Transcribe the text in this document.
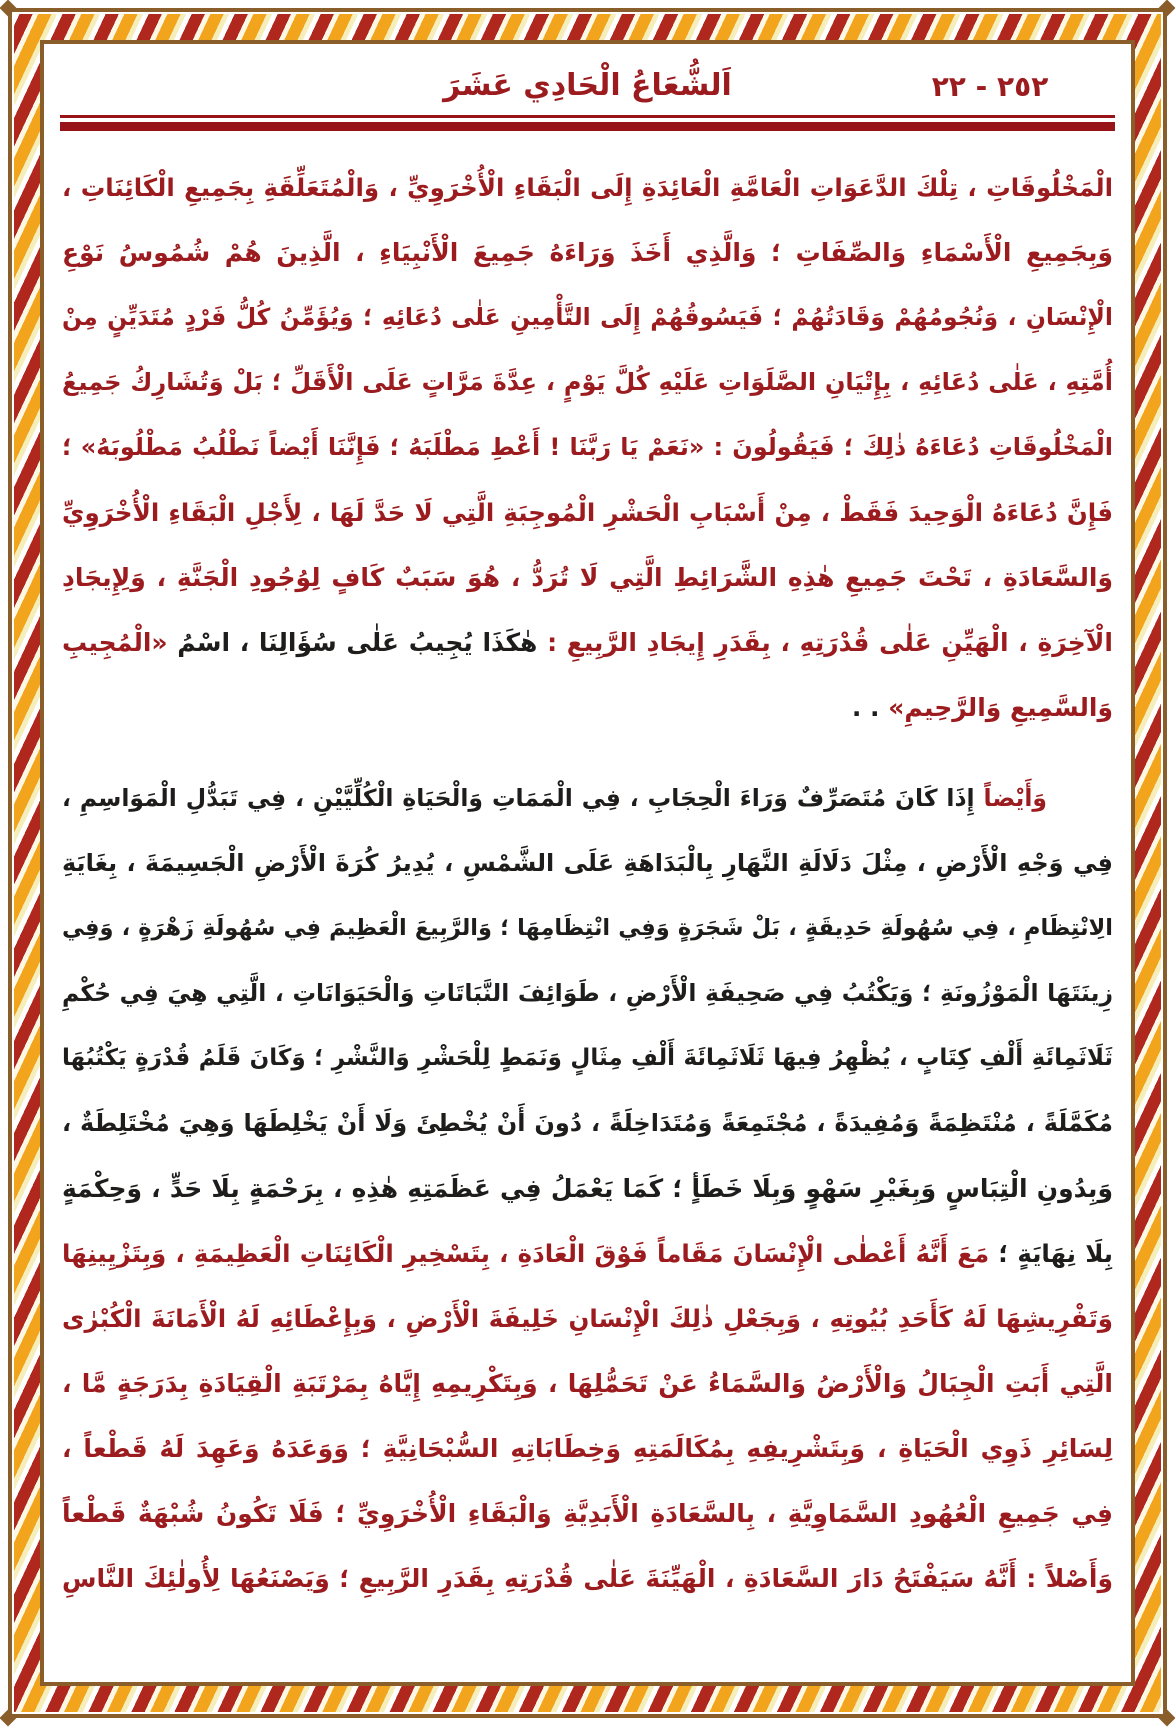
٢٥٢ - ٢٢
اَلشُّعَاعُ الْحَادِي عَشَرَ
الْمَخْلُوقَاتِ ، تِلْكَ الدَّعَوَاتِ الْعَامَّةِ الْعَائِدَةِ إِلَى الْبَقَاءِ الْأُخْرَوِيِّ ، وَالْمُتَعَلِّقَةِ بِجَمِيعِ الْكَائِنَاتِ ،
وَبِجَمِيعِ الْأَسْمَاءِ وَالصِّفَاتِ ؛ وَالَّذِي أَخَذَ وَرَاءَهُ جَمِيعَ الْأَنْبِيَاءِ ، الَّذِينَ هُمْ شُمُوسُ نَوْعِ
الْإِنْسَانِ ، وَنُجُومُهُمْ وَقَادَتُهُمْ ؛ فَيَسُوقُهُمْ إِلَى التَّأْمِينِ عَلٰى دُعَائِهِ ؛ وَيُؤَمِّنُ كُلُّ فَرْدٍ مُتَدَيِّنٍ مِنْ
أُمَّتِهِ ، عَلٰى دُعَائِهِ ، بِإِتْيَانِ الصَّلَوَاتِ عَلَيْهِ كُلَّ يَوْمٍ ، عِدَّةَ مَرَّاتٍ عَلَى الْأَقَلِّ ؛ بَلْ وَتُشَارِكُ جَمِيعُ
الْمَخْلُوقَاتِ دُعَاءَهُ ذٰلِكَ ؛ فَيَقُولُونَ : «نَعَمْ يَا رَبَّنَا ! أَعْطِ مَطْلَبَهُ ؛ فَإِنَّنَا أَيْضاً نَطْلُبُ مَطْلُوبَهُ» ؛
فَإِنَّ دُعَاءَهُ الْوَحِيدَ فَقَطْ ، مِنْ أَسْبَابِ الْحَشْرِ الْمُوجِبَةِ الَّتِي لَا حَدَّ لَهَا ، لِأَجْلِ الْبَقَاءِ الْأُخْرَوِيِّ
وَالسَّعَادَةِ ، تَحْتَ جَمِيعِ هٰذِهِ الشَّرَائِطِ الَّتِي لَا تُرَدُّ ، هُوَ سَبَبٌ كَافٍ لِوُجُودِ الْجَنَّةِ ، وَلِإِيجَادِ
الْآخِرَةِ ، الْهَيِّنِ عَلٰى قُدْرَتِهِ ، بِقَدَرِ إِيجَادِ الرَّبِيعِ : هٰكَذَا يُجِيبُ عَلٰى سُؤَالِنَا ، اسْمُ «الْمُجِيبِ
وَالسَّمِيعِ وَالرَّحِيمِ» . .
وَأَيْضاً إِذَا كَانَ مُتَصَرِّفٌ وَرَاءَ الْحِجَابِ ، فِي الْمَمَاتِ وَالْحَيَاةِ الْكُلِّيَّيْنِ ، فِي تَبَدُّلِ الْمَوَاسِمِ ،
فِي وَجْهِ الْأَرْضِ ، مِثْلَ دَلَالَةِ النَّهَارِ بِالْبَدَاهَةِ عَلَى الشَّمْسِ ، يُدِيرُ كُرَةَ الْأَرْضِ الْجَسِيمَةَ ، بِغَايَةِ
الِانْتِظَامِ ، فِي سُهُولَةِ حَدِيقَةٍ ، بَلْ شَجَرَةٍ وَفِي انْتِظَامِهَا ؛ وَالرَّبِيعَ الْعَظِيمَ فِي سُهُولَةِ زَهْرَةٍ ، وَفِي
زِينَتَهَا الْمَوْزُونَةِ ؛ وَيَكْتُبُ فِي صَحِيفَةِ الْأَرْضِ ، طَوَائِفَ النَّبَاتَاتِ وَالْحَيَوَانَاتِ ، الَّتِي هِيَ فِي حُكْمِ
ثَلَاثَمِائَةِ أَلْفِ كِتَابٍ ، يُظْهِرُ فِيهَا ثَلَاثَمِائَةَ أَلْفِ مِثَالٍ وَنَمَطٍ لِلْحَشْرِ وَالنَّشْرِ ؛ وَكَانَ قَلَمُ قُدْرَةٍ يَكْتُبُهَا
مُكَمَّلَةً ، مُنْتَظِمَةً وَمُفِيدَةً ، مُجْتَمِعَةً وَمُتَدَاخِلَةً ، دُونَ أَنْ يُخْطِئَ وَلَا أَنْ يَخْلِطَهَا وَهِيَ مُخْتَلِطَةٌ ،
وَبِدُونِ الْتِبَاسٍ وَبِغَيْرِ سَهْوٍ وَبِلَا خَطَأٍ ؛ كَمَا يَعْمَلُ فِي عَظَمَتِهِ هٰذِهِ ، بِرَحْمَةٍ بِلَا حَدٍّ ، وَحِكْمَةٍ
بِلَا نِهَايَةٍ ؛ مَعَ أَنَّهُ أَعْطٰى الْإِنْسَانَ مَقَاماً فَوْقَ الْعَادَةِ ، بِتَسْخِيرِ الْكَائِنَاتِ الْعَظِيمَةِ ، وَبِتَزْيِينِهَا
وَتَفْرِيشِهَا لَهُ كَأَحَدِ بُيُوتِهِ ، وَبِجَعْلِ ذٰلِكَ الْإِنْسَانِ خَلِيفَةَ الْأَرْضِ ، وَبِإِعْطَائِهِ لَهُ الْأَمَانَةَ الْكُبْرٰى
الَّتِي أَبَتِ الْجِبَالُ وَالْأَرْضُ وَالسَّمَاءُ عَنْ تَحَمُّلِهَا ، وَبِتَكْرِيمِهِ إِيَّاهُ بِمَرْتَبَةِ الْقِيَادَةِ بِدَرَجَةٍ مَّا ،
لِسَائِرِ ذَوِي الْحَيَاةِ ، وَبِتَشْرِيفِهِ بِمُكَالَمَتِهِ وَخِطَابَاتِهِ السُّبْحَانِيَّةِ ؛ وَوَعَدَهُ وَعَهِدَ لَهُ قَطْعاً ،
فِي جَمِيعِ الْعُهُودِ السَّمَاوِيَّةِ ، بِالسَّعَادَةِ الْأَبَدِيَّةِ وَالْبَقَاءِ الْأُخْرَوِيِّ ؛ فَلَا تَكُونُ شُبْهَةٌ قَطْعاً
وَأَصْلاً : أَنَّهُ سَيَفْتَحُ دَارَ السَّعَادَةِ ، الْهَيِّنَةَ عَلٰى قُدْرَتِهِ بِقَدَرِ الرَّبِيعِ ؛ وَيَصْنَعُهَا لِأُولٰئِكَ النَّاسِ
